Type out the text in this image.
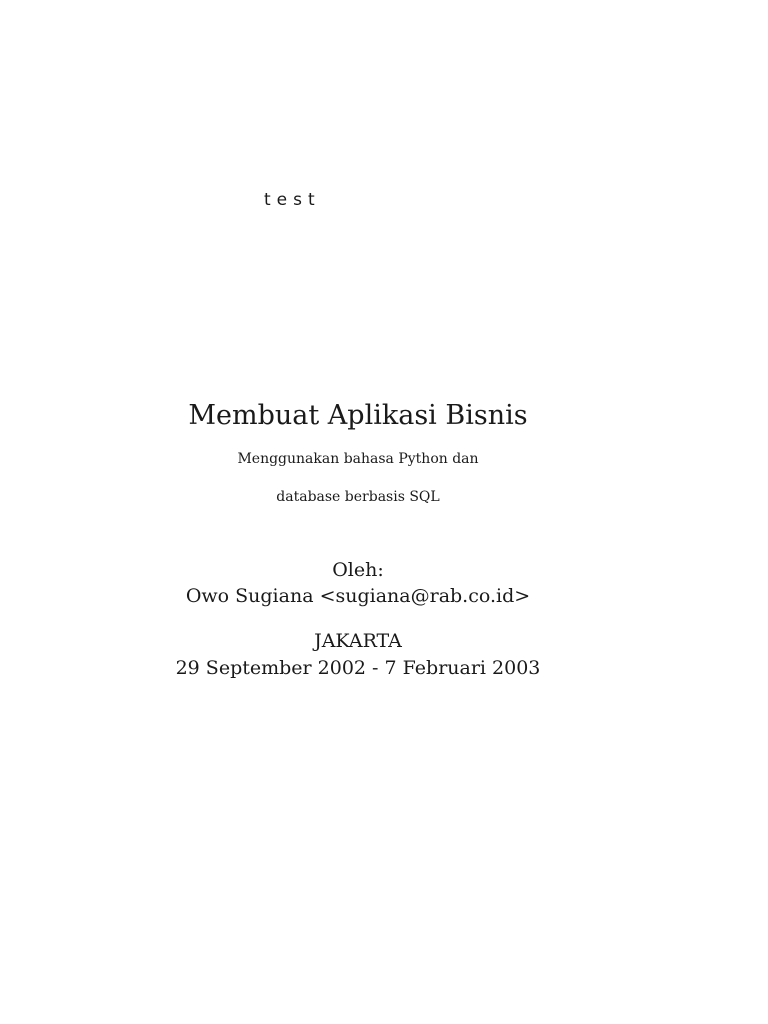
test
Membuat Aplikasi Bisnis
Menggunakan bahasa Python dan
database berbasis SQL
Oleh:
Owo Sugiana <sugiana@rab.co.id>
JAKARTA
29 September 2002 - 7 Februari 2003
